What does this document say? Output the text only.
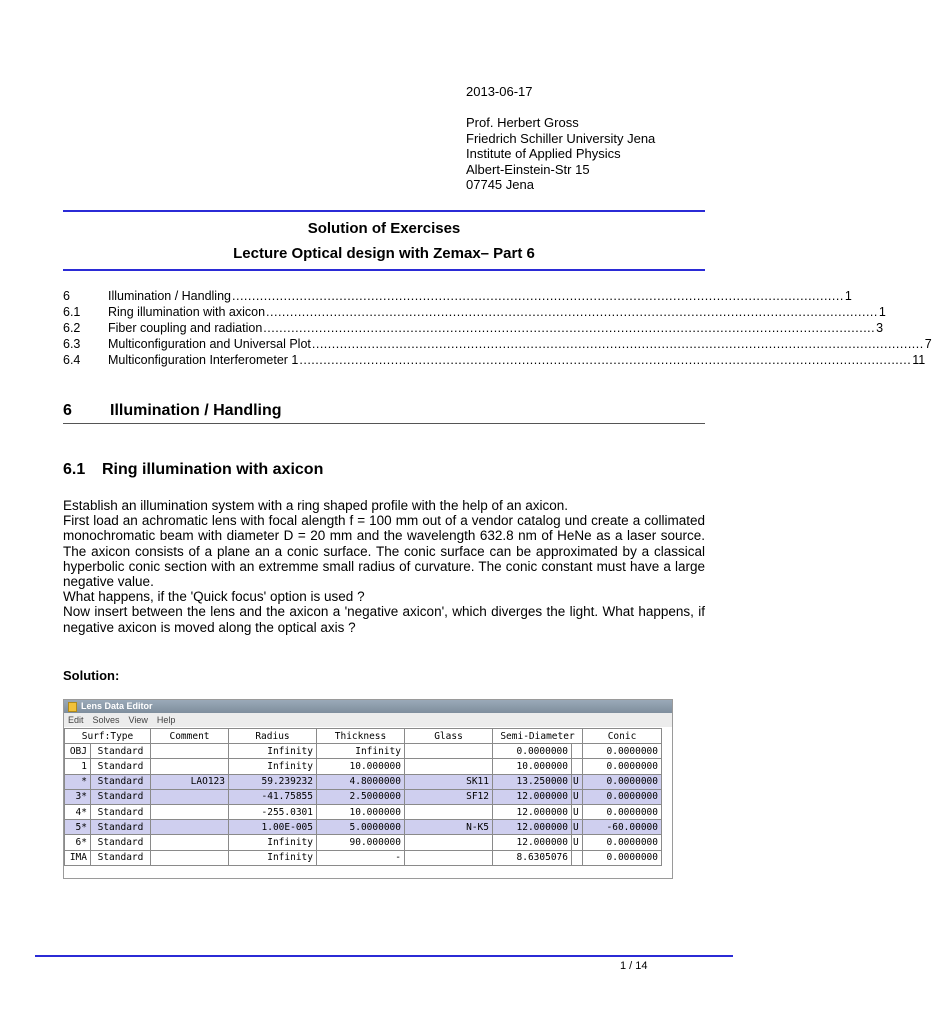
2013-06-17
Prof. Herbert Gross
Friedrich Schiller University Jena
Institute of Applied Physics
Albert-Einstein-Str 15
07745 Jena
Solution of Exercises
Lecture Optical design with Zemax– Part 6
6	Illumination / Handling .......................................................................................................................................................... 1
6.1	Ring illumination with axicon .......................................................................................................................................................... 1
6.2	Fiber coupling and radiation .......................................................................................................................................................... 3
6.3	Multiconfiguration and Universal Plot .......................................................................................................................................................... 7
6.4	Multiconfiguration Interferometer 1 .......................................................................................................................................................... 11
6 Illumination / Handling
6.1 Ring illumination with axicon

Establish an illumination system with a ring shaped profile with the help of an axicon.

First load an achromatic lens with focal alength f = 100 mm out of a vendor catalog und create a collimated monochromatic beam with diameter D = 20 mm and the wavelength 632.8 nm of HeNe as a laser source. The axicon consists of a plane an a conic surface. The conic surface can be approximated by a classical hyperbolic conic section with an extremme small radius of curvature. The conic constant must have a large negative value.

What happens, if the 'Quick focus' option is used ?

Now insert between the lens and the axicon a 'negative axicon', which diverges the light. What happens, if negative axicon is moved along the optical axis ?

Solution:
Lens Data Editor
Edit Solves View Help
Surf:Type		Comment	Radius	Thickness	Glass	Semi-Diameter		Conic
OBJ	Standard		Infinity	Infinity		0.0000000		0.0000000
1	Standard		Infinity	10.000000		10.000000		0.0000000
*	Standard	LAO123	59.239232	4.8000000	SK11	13.250000	U	0.0000000
3*	Standard		-41.75855	2.5000000	SF12	12.000000	U	0.0000000
4*	Standard		-255.0301	10.000000		12.000000	U	0.0000000
5*	Standard		1.00E-005	5.0000000	N-K5	12.000000	U	-60.00000
6*	Standard		Infinity	90.000000		12.000000	U	0.0000000
IMA	Standard		Infinity	-		8.6305076		0.0000000
1 / 14
